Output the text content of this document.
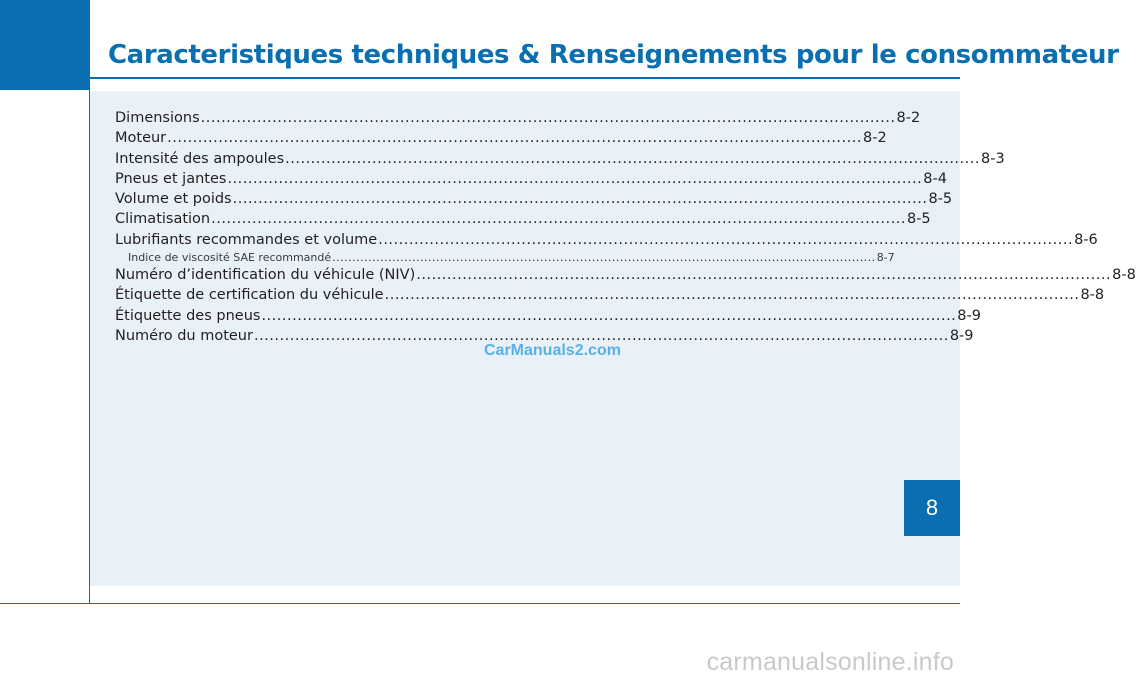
Caracteristiques techniques & Renseignements pour le consommateur
Dimensions .....	8-2
Moteur .....	8-2
Intensité des ampoules .....	8-3
Pneus et jantes .....	8-4
Volume et poids .....	8-5
Climatisation .....	8-5
Lubrifiants recommandes et volume .....	8-6
Indice de viscosité SAE recommandé .....	8-7
Numéro d’identification du véhicule (NIV) .....	8-8
Étiquette de certification du véhicule .....	8-8
Étiquette des pneus .....	8-9
Numéro du moteur .....	8-9
CarManuals2.com
8
carmanualsonline.info
